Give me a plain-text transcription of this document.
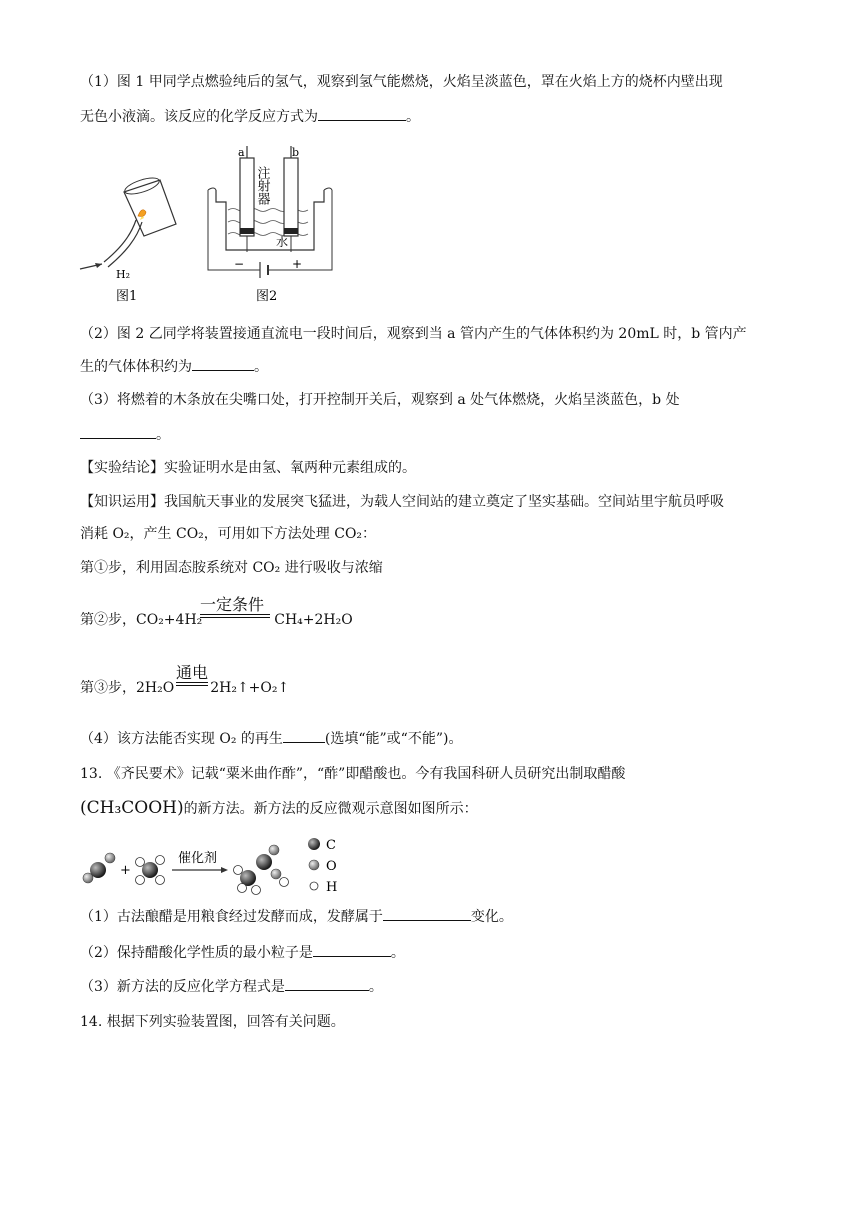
（1）图 1 甲同学点燃验纯后的氢气，观察到氢气能燃烧，火焰呈淡蓝色，罩在火焰上方的烧杯内壁出现
无色小液滴。该反应的化学反应方式为	。
H₂
图1
a	b
注射器
水
−	+
图2
（2）图 2 乙同学将装置接通直流电一段时间后，观察到当 a 管内产生的气体体积约为 20mL 时，b 管内产
生的气体体积约为	。
（3）将燃着的木条放在尖嘴口处，打开控制开关后，观察到 a 处气体燃烧，火焰呈淡蓝色，b 处
。
【实验结论】实验证明水是由氢、氧两种元素组成的。
【知识运用】我国航天事业的发展突飞猛进，为载人空间站的建立奠定了坚实基础。空间站里宇航员呼吸
消耗 O₂，产生 CO₂，可用如下方法处理 CO₂：
第①步，利用固态胺系统对 CO₂ 进行吸收与浓缩
第②步，CO₂+4H₂	CH₄+2H₂O
一定条件
第③步，2H₂O	2H₂↑+O₂↑
通电
（4）该方法能否实现 O₂ 的再生	(选填“能”或“不能”)。
13. 《齐民要术》记载“粟米曲作酢”，“酢”即醋酸也。今有我国科研人员研究出制取醋酸
(CH₃COOH)的新方法。新方法的反应微观示意图如图所示：
+
催化剂
C
O
H
（1）古法酿醋是用粮食经过发酵而成，发酵属于	变化。
（2）保持醋酸化学性质的最小粒子是	。
（3）新方法的反应化学方程式是	。
14. 根据下列实验装置图，回答有关问题。
